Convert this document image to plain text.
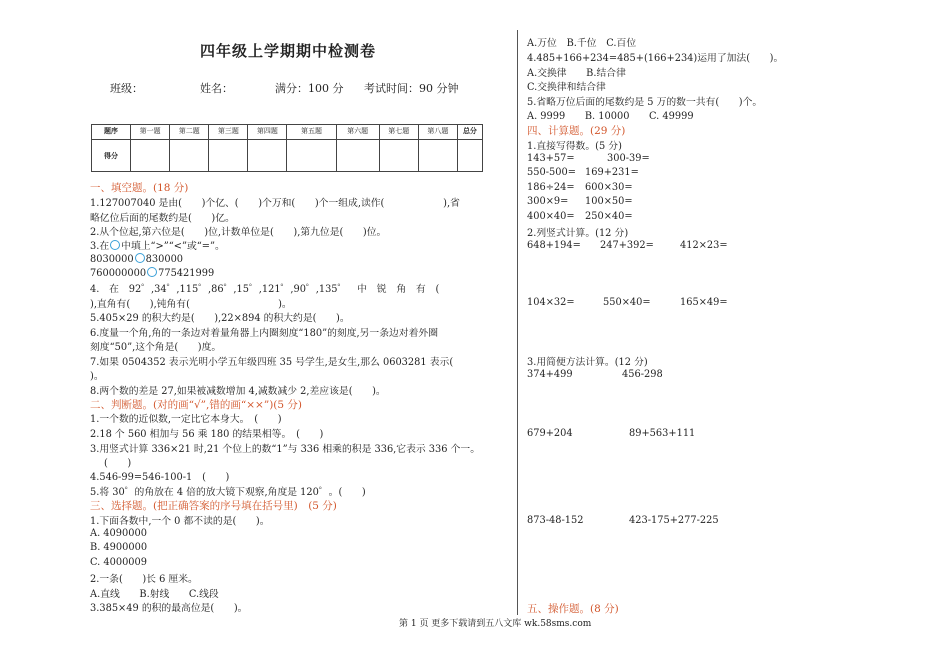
四年级上学期期中检测卷
班级：	姓名：	满分：100 分 考试时间：90 分钟
题序	第一题	第二题	第三题	第四题	第五题	第六题	第七题	第八题	总分
得分									
一、填空题。(18 分)
1.127007040 是由(　　)个亿、(　　)个万和(　　)个一组成,读作(　　　　　　),省
略亿位后面的尾数约是(　　)亿。
2.从个位起,第六位是(　　)位,计数单位是(　　),第九位是(　　)位。
3.在 中填上“>”“<”或“=”。
8030000 830000
760000000 775421999
4.　在　92゜,34゜,115゜,86゜,15゜,121゜,90゜,135゜　中　锐　角　有　(
),直角有(　　),钝角有(　　　　　　　　　)。
5.405×29 的积大约是(　　),22×894 的积大约是(　　)。
6.度量一个角,角的一条边对着量角器上内圈刻度“180”的刻度,另一条边对着外圈
刻度“50”,这个角是(　　)度。
7.如果 0504352 表示光明小学五年级四班 35 号学生,是女生,那么 0603281 表示(
)。
8.两个数的差是 27,如果被减数增加 4,减数减少 2,差应该是(　　)。
二、判断题。(对的画“√”,错的画“××”)(5 分)
1.一个数的近似数,一定比它本身大。　(　　)
2.18 个 560 相加与 56 乘 180 的结果相等。　(　　)
3.用竖式计算 336×21 时,21 个位上的数“1”与 336 相乘的积是 336,它表示 336 个一。
(　　)
4.546-99=546-100-1　(　　)
5.将 30゜的角放在 4 倍的放大镜下观察,角度是 120゜。(　　)
三、选择题。(把正确答案的序号填在括号里)　(5 分)
1.下面各数中,一个 0 都不读的是(　　)。
A. 4090000
B. 4900000
C. 4000009
2.一条(　　)长 6 厘米。
A.直线　　B.射线　　C.线段
3.385×49 的积的最高位是(　　)。
A.万位　B.千位　C.百位
4.485+166+234=485+(166+234)运用了加法(　　)。
A.交换律　　B.结合律
C.交换律和结合律
5.省略万位后面的尾数约是 5 万的数一共有(　　)个。
A. 9999　　B. 10000　　C. 49999
四、计算题。(29 分)
1.直接写得数。(5 分)
143+57=	300-39=
550-500= 169+231=
186÷24= 600×30=
300×9= 100×50=
400×40= 250×40=
2.列竖式计算。(12 分)
648+194= 247+392=	412×23=
104×32=	550×40=	165×49=
3.用简便方法计算。(12 分)
374+499	456-298
679+204	89+563+111
873-48-152	423-175+277-225
五、操作题。(8 分)
第 1 页 更多下载请到五八文库 wk.58sms.com
